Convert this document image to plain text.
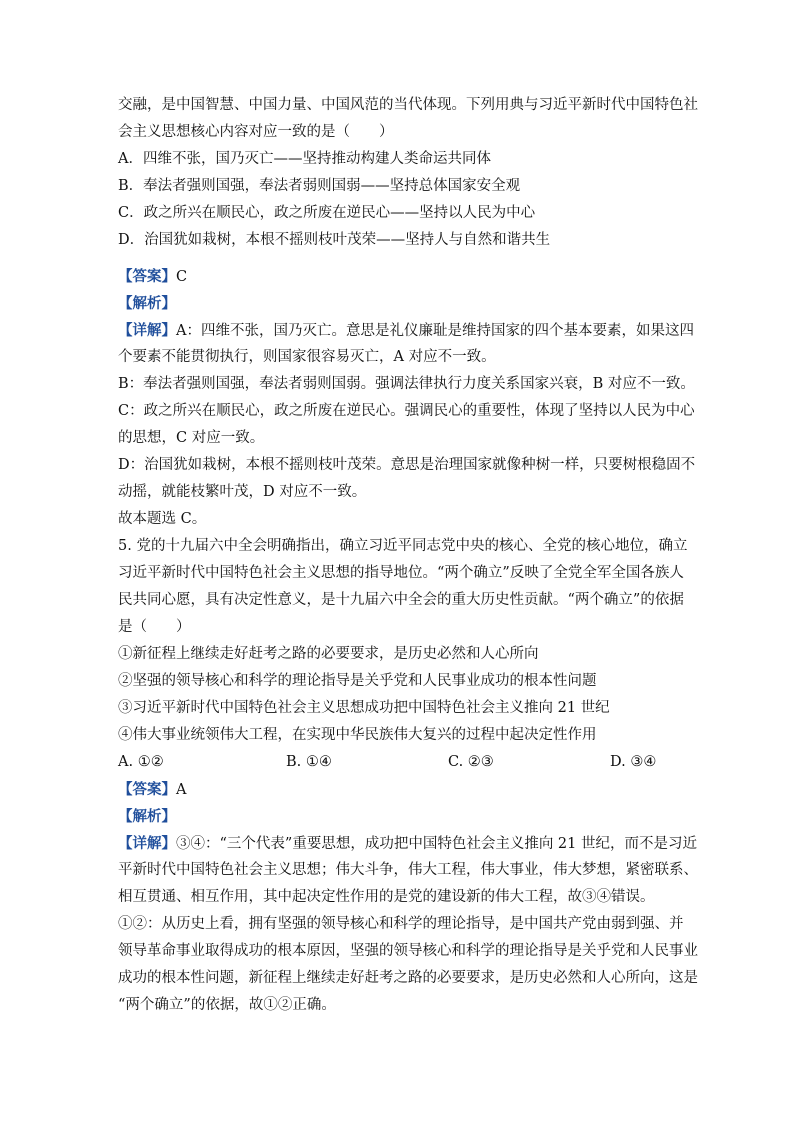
交融，是中国智慧、中国力量、中国风范的当代体现。下列用典与习近平新时代中国特色社
会主义思想核心内容对应一致的是（　　）
A．四维不张，国乃灭亡——坚持推动构建人类命运共同体
B．奉法者强则国强，奉法者弱则国弱——坚持总体国家安全观
C．政之所兴在顺民心，政之所废在逆民心——坚持以人民为中心
D．治国犹如栽树，本根不摇则枝叶茂荣——坚持人与自然和谐共生
【答案】C
【解析】
【详解】A：四维不张，国乃灭亡。意思是礼仪廉耻是维持国家的四个基本要素，如果这四
个要素不能贯彻执行，则国家很容易灭亡，A 对应不一致。
B：奉法者强则国强，奉法者弱则国弱。强调法律执行力度关系国家兴衰，B 对应不一致。
C：政之所兴在顺民心，政之所废在逆民心。强调民心的重要性，体现了坚持以人民为中心
的思想，C 对应一致。
D：治国犹如栽树，本根不摇则枝叶茂荣。意思是治理国家就像种树一样，只要树根稳固不
动摇，就能枝繁叶茂，D 对应不一致。
故本题选 C。
5. 党的十九届六中全会明确指出，确立习近平同志党中央的核心、全党的核心地位，确立
习近平新时代中国特色社会主义思想的指导地位。“两个确立”反映了全党全军全国各族人
民共同心愿，具有决定性意义，是十九届六中全会的重大历史性贡献。“两个确立”的依据
是（　　）
①新征程上继续走好赶考之路的必要要求，是历史必然和人心所向
②坚强的领导核心和科学的理论指导是关乎党和人民事业成功的根本性问题
③习近平新时代中国特色社会主义思想成功把中国特色社会主义推向 21 世纪
④伟大事业统领伟大工程，在实现中华民族伟大复兴的过程中起决定性作用
A. ①②	B. ①④	C. ②③	D. ③④
【答案】A
【解析】
【详解】③④：“三个代表”重要思想，成功把中国特色社会主义推向 21 世纪，而不是习近
平新时代中国特色社会主义思想；伟大斗争，伟大工程，伟大事业，伟大梦想，紧密联系、
相互贯通、相互作用，其中起决定性作用的是党的建设新的伟大工程，故③④错误。
①②：从历史上看，拥有坚强的领导核心和科学的理论指导，是中国共产党由弱到强、并
领导革命事业取得成功的根本原因，坚强的领导核心和科学的理论指导是关乎党和人民事业
成功的根本性问题，新征程上继续走好赶考之路的必要要求，是历史必然和人心所向，这是
“两个确立”的依据，故①②正确。
